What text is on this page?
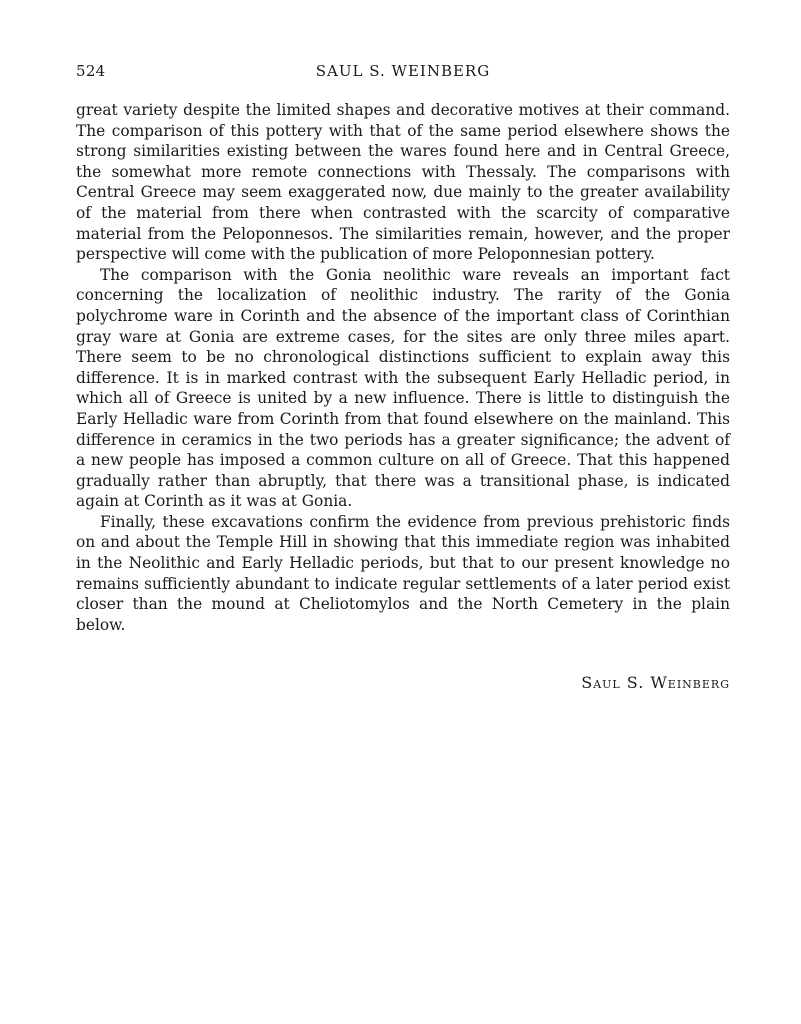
524	SAUL S. WEINBERG

great variety despite the limited shapes and decorative motives at their command. The comparison of this pottery with that of the same period elsewhere shows the strong similarities existing between the wares found here and in Central Greece, the somewhat more remote connections with Thessaly. The comparisons with Central Greece may seem exaggerated now, due mainly to the greater availability of the material from there when contrasted with the scarcity of comparative material from the Peloponnesos. The similarities remain, however, and the proper perspective will come with the publication of more Peloponnesian pottery.

The comparison with the Gonia neolithic ware reveals an important fact concerning the localization of neolithic industry. The rarity of the Gonia polychrome ware in Corinth and the absence of the important class of Corinthian gray ware at Gonia are extreme cases, for the sites are only three miles apart. There seem to be no chronological distinctions sufficient to explain away this difference. It is in marked contrast with the subsequent Early Helladic period, in which all of Greece is united by a new influence. There is little to distinguish the Early Helladic ware from Corinth from that found elsewhere on the mainland. This difference in ceramics in the two periods has a greater significance; the advent of a new people has imposed a common culture on all of Greece. That this happened gradually rather than abruptly, that there was a transitional phase, is indicated again at Corinth as it was at Gonia.

Finally, these excavations confirm the evidence from previous prehistoric finds on and about the Temple Hill in showing that this immediate region was inhabited in the Neolithic and Early Helladic periods, but that to our present knowledge no remains sufficiently abundant to indicate regular settlements of a later period exist closer than the mound at Cheliotomylos and the North Cemetery in the plain below.

Saul S. Weinberg
